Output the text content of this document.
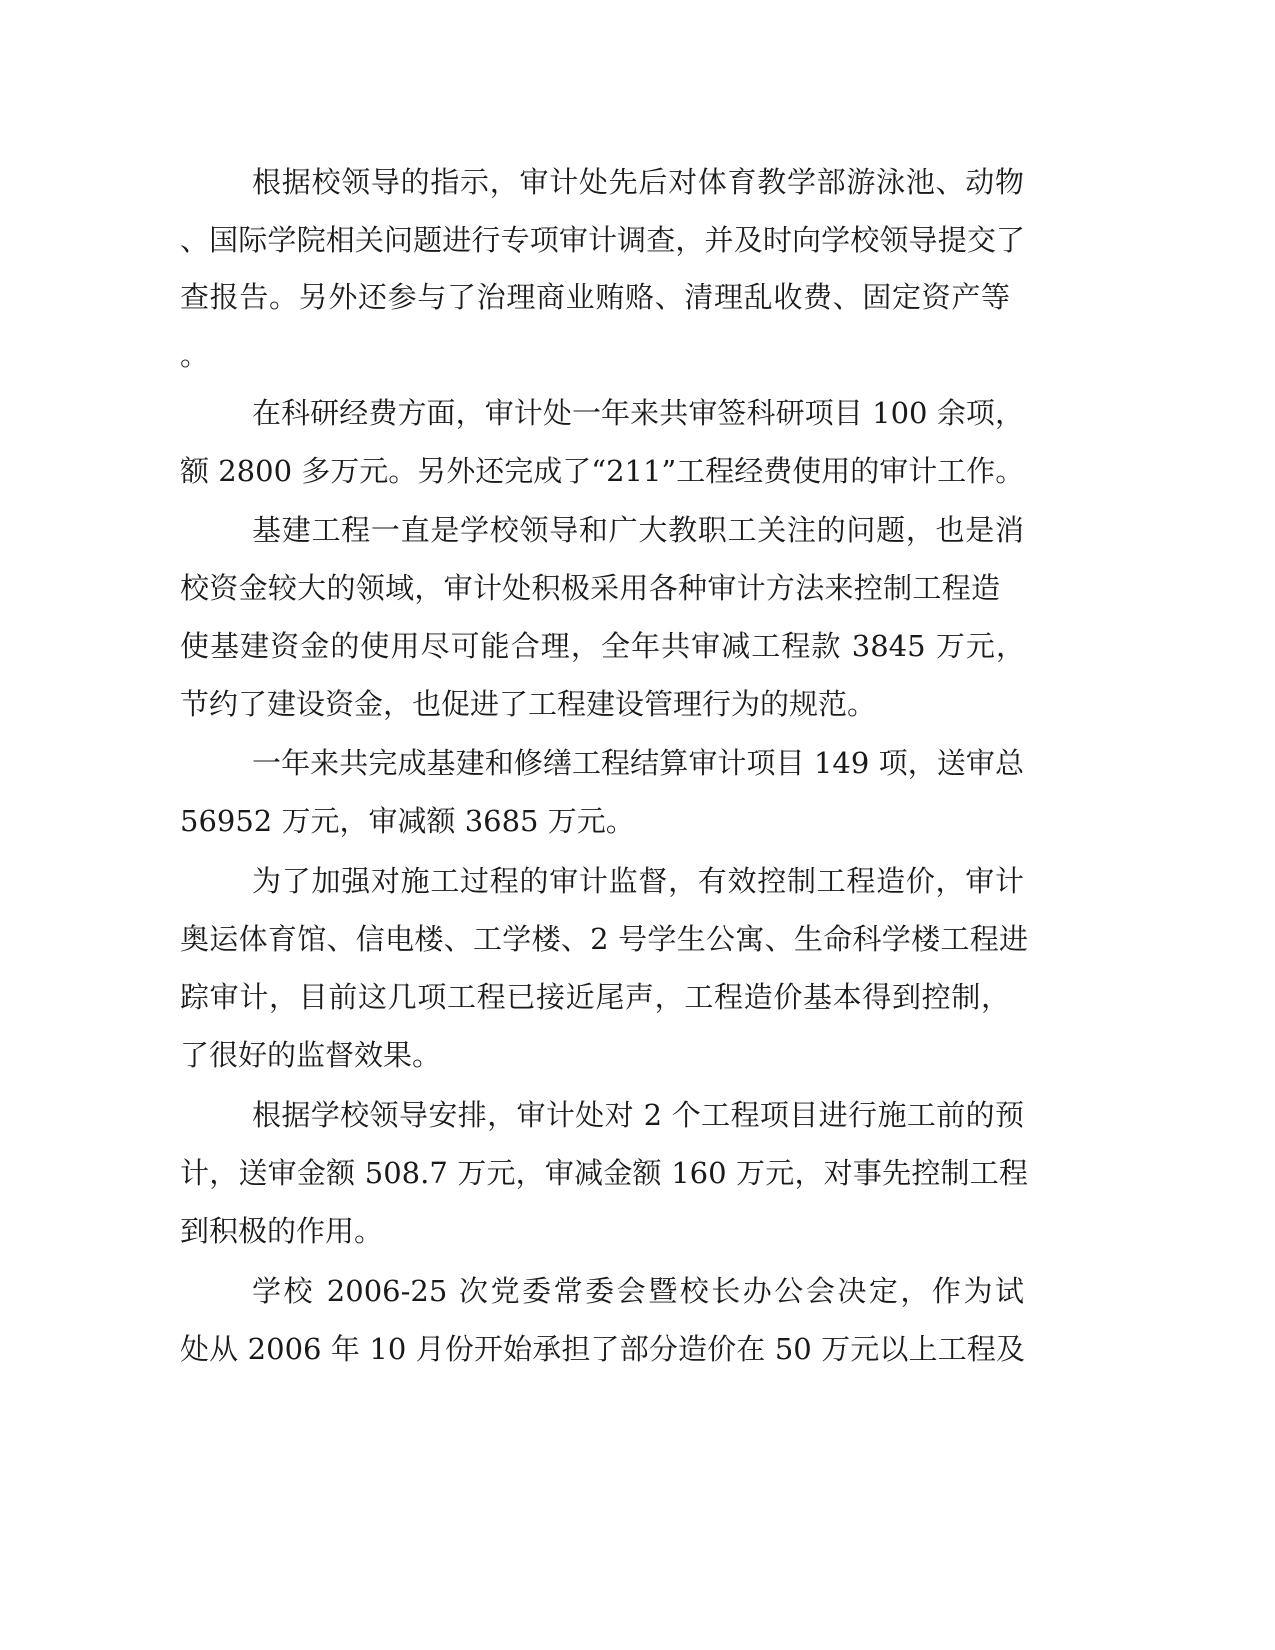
根据校领导的指示，审计处先后对体育教学部游泳池、动物
、国际学院相关问题进行专项审计调查，并及时向学校领导提交了
查报告。另外还参与了治理商业贿赂、清理乱收费、固定资产等
。
在科研经费方面，审计处一年来共审签科研项目 100 余项，
额 2800 多万元。另外还完成了“211”工程经费使用的审计工作。
基建工程一直是学校领导和广大教职工关注的问题，也是消
校资金较大的领域，审计处积极采用各种审计方法来控制工程造
使基建资金的使用尽可能合理，全年共审减工程款 3845 万元，
节约了建设资金，也促进了工程建设管理行为的规范。
一年来共完成基建和修缮工程结算审计项目 149 项，送审总
56952 万元，审减额 3685 万元。
为了加强对施工过程的审计监督，有效控制工程造价，审计
奥运体育馆、信电楼、工学楼、2 号学生公寓、生命科学楼工程进
踪审计，目前这几项工程已接近尾声，工程造价基本得到控制，
了很好的监督效果。
根据学校领导安排，审计处对 2 个工程项目进行施工前的预
计，送审金额 508.7 万元，审减金额 160 万元，对事先控制工程
到积极的作用。
学校 2006-25 次党委常委会暨校长办公会决定，作为试
处从 2006 年 10 月份开始承担了部分造价在 50 万元以上工程及
